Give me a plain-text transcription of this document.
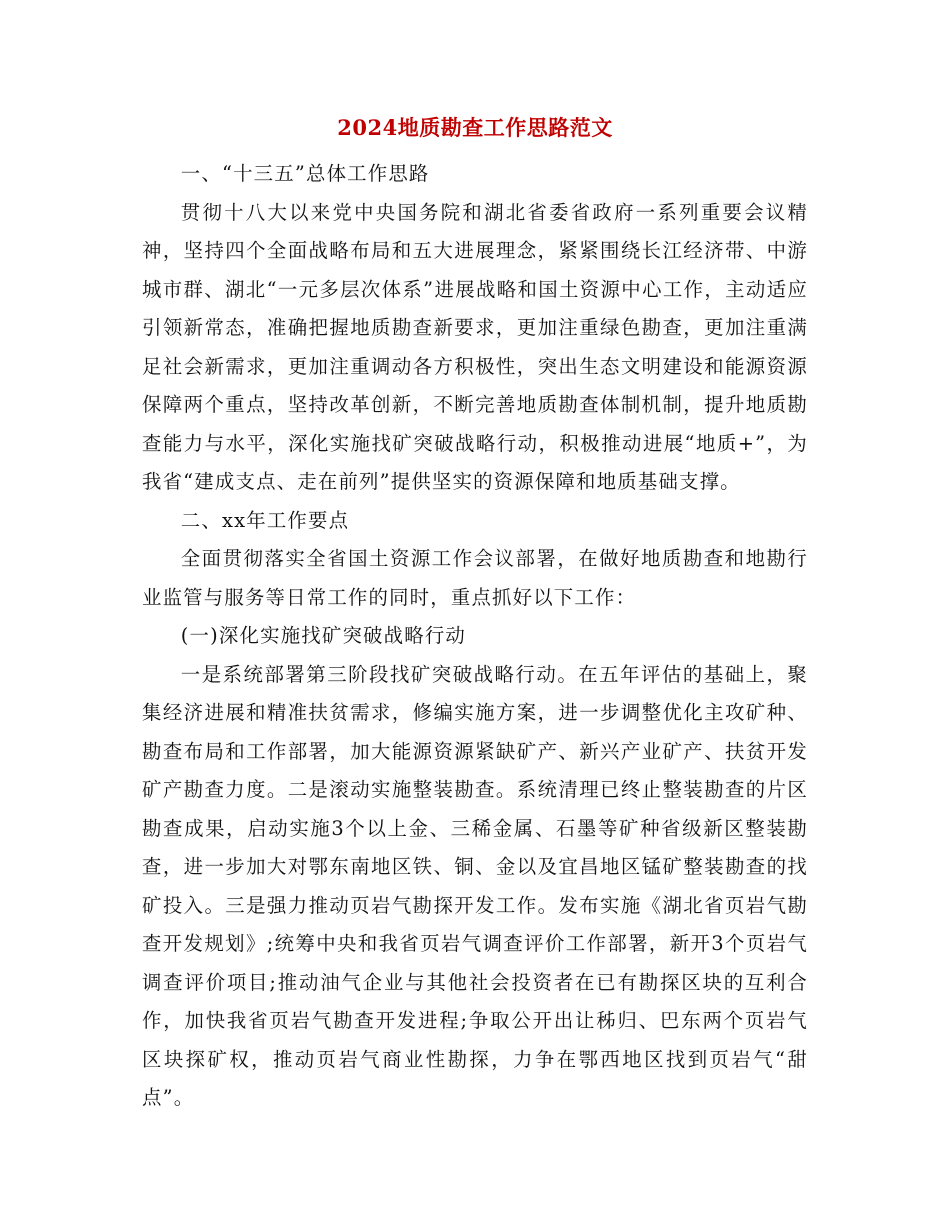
2024地质勘查工作思路范文

一、“十三五”总体工作思路

贯彻十八大以来党中央国务院和湖北省委省政府一系列重要会议精神，坚持四个全面战略布局和五大进展理念，紧紧围绕长江经济带、中游城市群、湖北“一元多层次体系”进展战略和国土资源中心工作，主动适应引领新常态，准确把握地质勘查新要求，更加注重绿色勘查，更加注重满足社会新需求，更加注重调动各方积极性，突出生态文明建设和能源资源保障两个重点，坚持改革创新，不断完善地质勘查体制机制，提升地质勘查能力与水平，深化实施找矿突破战略行动，积极推动进展“地质+”，为我省“建成支点、走在前列”提供坚实的资源保障和地质基础支撑。

二、xx年工作要点

全面贯彻落实全省国土资源工作会议部署，在做好地质勘查和地勘行业监管与服务等日常工作的同时，重点抓好以下工作：

(一)深化实施找矿突破战略行动

一是系统部署第三阶段找矿突破战略行动。在五年评估的基础上，聚集经济进展和精准扶贫需求，修编实施方案，进一步调整优化主攻矿种、勘查布局和工作部署，加大能源资源紧缺矿产、新兴产业矿产、扶贫开发矿产勘查力度。二是滚动实施整装勘查。系统清理已终止整装勘查的片区勘查成果，启动实施3个以上金、三稀金属、石墨等矿种省级新区整装勘查，进一步加大对鄂东南地区铁、铜、金以及宜昌地区锰矿整装勘查的找矿投入。三是强力推动页岩气勘探开发工作。发布实施《湖北省页岩气勘查开发规划》;统筹中央和我省页岩气调查评价工作部署，新开3个页岩气调查评价项目;推动油气企业与其他社会投资者在已有勘探区块的互利合作，加快我省页岩气勘查开发进程;争取公开出让秭归、巴东两个页岩气区块探矿权，推动页岩气商业性勘探，力争在鄂西地区找到页岩气“甜点”。
